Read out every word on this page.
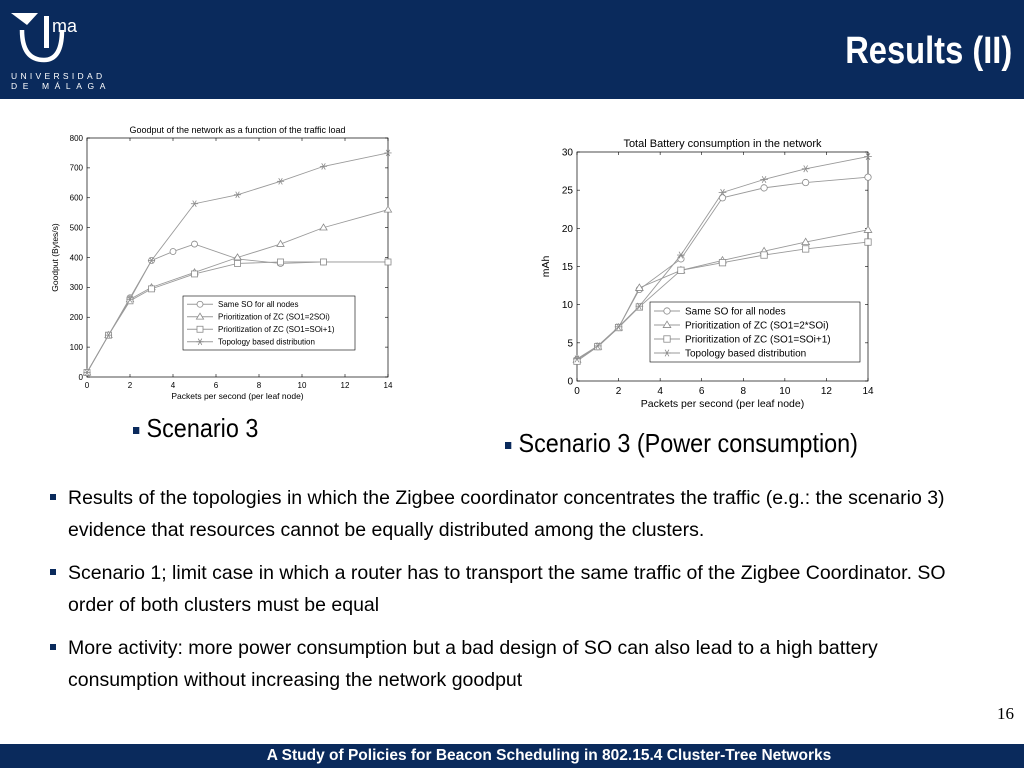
ma
UNIVERSIDAD
DE MÁLAGA
Results (II)
Goodput of the network as a function of the traffic load
0	2	4	6	8	10	12	14
0
100
200
300
400
500
600
700
800
Packets per second (per leaf node)
Goodput (Bytes/s)
Same SO for all nodes
Prioritization of ZC (SO1=2SOi)
Prioritization of ZC (SO1=SOi+1)
Topology based distribution
Total Battery consumption in the network
0	2	4	6	8	10	12	14
0
5
10
15
20
25
30
Packets per second (per leaf node)
mAh
Same SO for all nodes
Prioritization of ZC (SO1=2*SOi)
Prioritization of ZC (SO1=SOi+1)
Topology based distribution
Scenario 3	Scenario 3 (Power consumption)
Results of the topologies in which the Zigbee coordinator concentrates the traffic (e.g.: the scenario 3) evidence that resources cannot be equally distributed among the clusters.
Scenario 1; limit case in which a router has to transport the same traffic of the Zigbee Coordinator. SO order of both clusters must be equal
More activity: more power consumption but a bad design of SO can also lead to a high battery consumption without increasing the network goodput
16
A Study of Policies for Beacon Scheduling in 802.15.4 Cluster-Tree Networks
